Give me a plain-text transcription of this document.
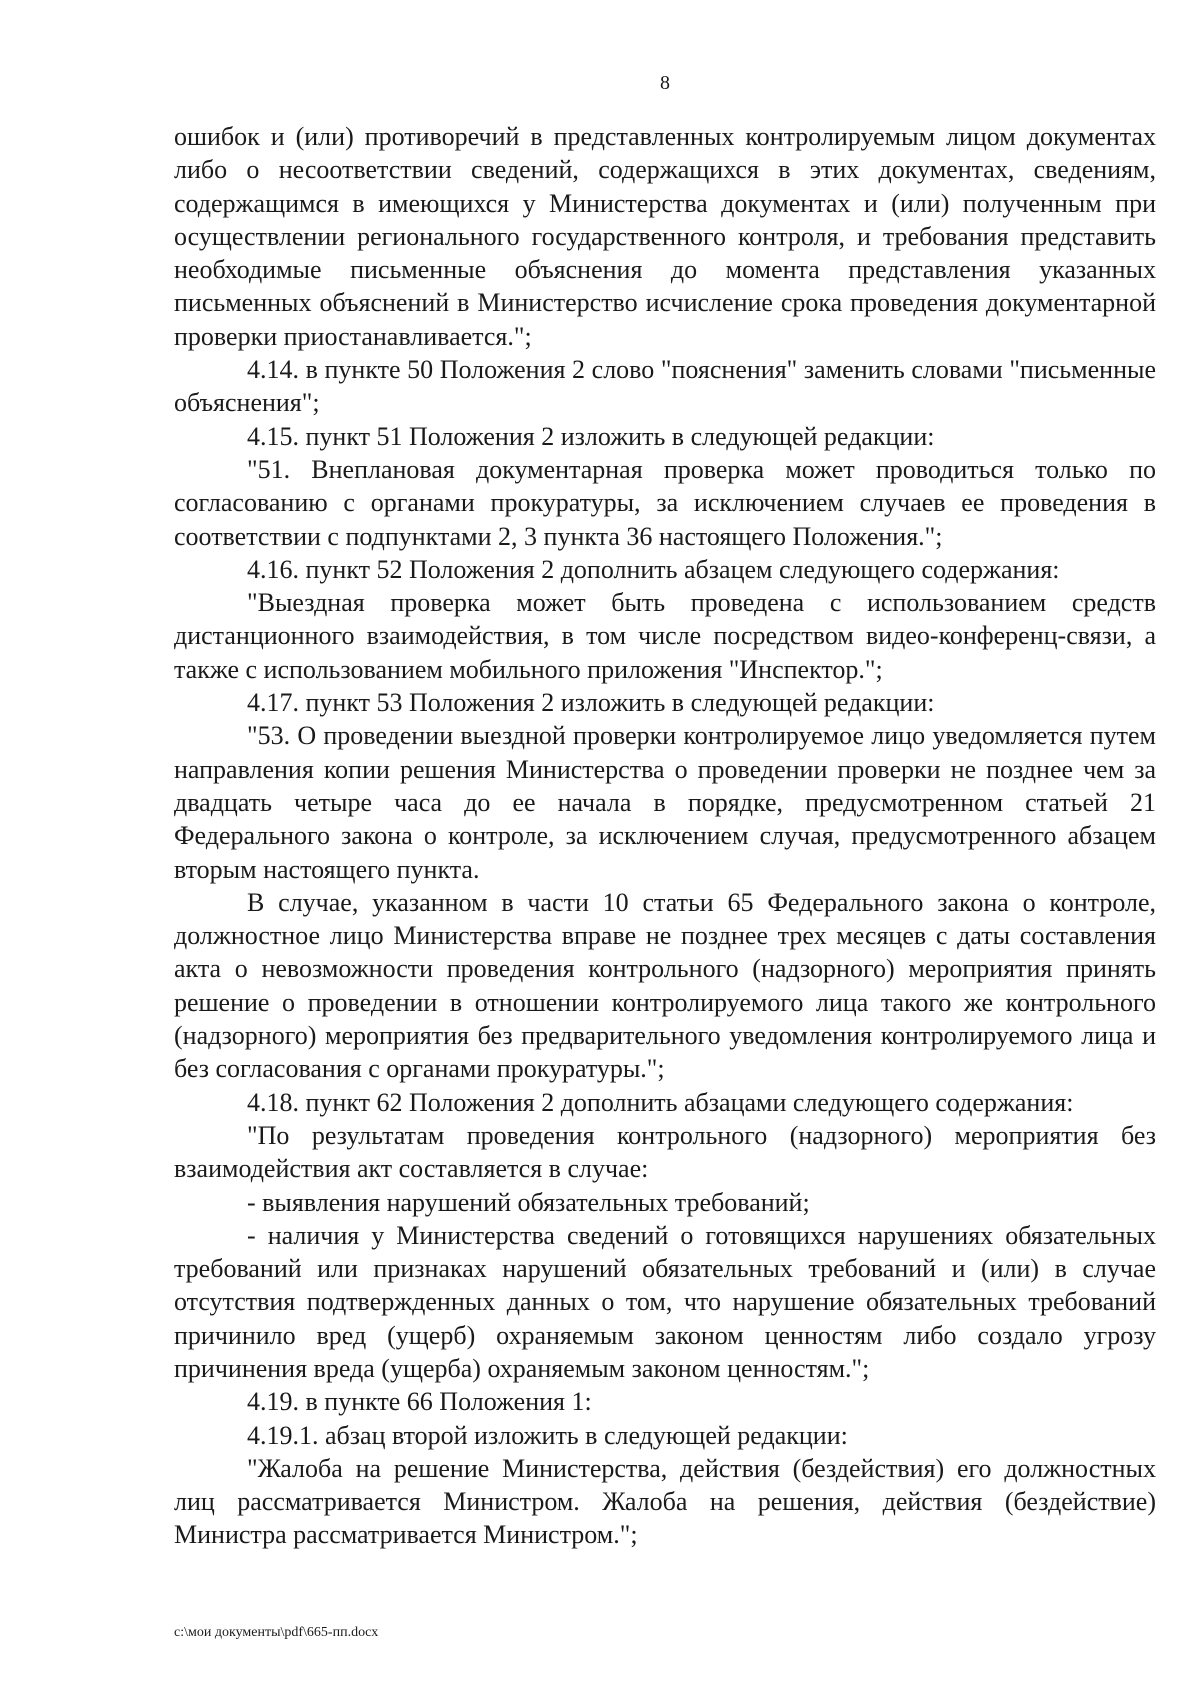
8

ошибок и (или) противоречий в представленных контролируемым лицом документах либо о несоответствии сведений, содержащихся в этих документах, сведениям, содержащимся в имеющихся у Министерства документах и (или) полученным при осуществлении регионального государственного контроля, и требования представить необходимые письменные объяснения до момента представления указанных письменных объяснений в Министерство исчисление срока проведения документарной проверки приостанавливается.";

4.14. в пункте 50 Положения 2 слово "пояснения" заменить словами "письменные объяснения";

4.15. пункт 51 Положения 2 изложить в следующей редакции:

"51. Внеплановая документарная проверка может проводиться только по согласованию с органами прокуратуры, за исключением случаев ее проведения в соответствии с подпунктами 2, 3 пункта 36 настоящего Положения.";

4.16. пункт 52 Положения 2 дополнить абзацем следующего содержания:

"Выездная проверка может быть проведена с использованием средств дистанционного взаимодействия, в том числе посредством видео-конференц-связи, а также с использованием мобильного приложения "Инспектор.";

4.17. пункт 53 Положения 2 изложить в следующей редакции:

"53. О проведении выездной проверки контролируемое лицо уведомляется путем направления копии решения Министерства о проведении проверки не позднее чем за двадцать четыре часа до ее начала в порядке, предусмотренном статьей 21 Федерального закона о контроле, за исключением случая, предусмотренного абзацем вторым настоящего пункта.

В случае, указанном в части 10 статьи 65 Федерального закона о контроле, должностное лицо Министерства вправе не позднее трех месяцев с даты составления акта о невозможности проведения контрольного (надзорного) мероприятия принять решение о проведении в отношении контролируемого лица такого же контрольного (надзорного) мероприятия без предварительного уведомления контролируемого лица и без согласования с органами прокуратуры.";

4.18. пункт 62 Положения 2 дополнить абзацами следующего содержания:

"По результатам проведения контрольного (надзорного) мероприятия без взаимодействия акт составляется в случае:

- выявления нарушений обязательных требований;

- наличия у Министерства сведений о готовящихся нарушениях обязательных требований или признаках нарушений обязательных требований и (или) в случае отсутствия подтвержденных данных о том, что нарушение обязательных требований причинило вред (ущерб) охраняемым законом ценностям либо создало угрозу причинения вреда (ущерба) охраняемым законом ценностям.";

4.19. в пункте 66 Положения 1:

4.19.1. абзац второй изложить в следующей редакции:

"Жалоба на решение Министерства, действия (бездействия) его должностных лиц рассматривается Министром. Жалоба на решения, действия (бездействие) Министра рассматривается Министром.";

c:\мои документы\pdf\665-пп.docx
